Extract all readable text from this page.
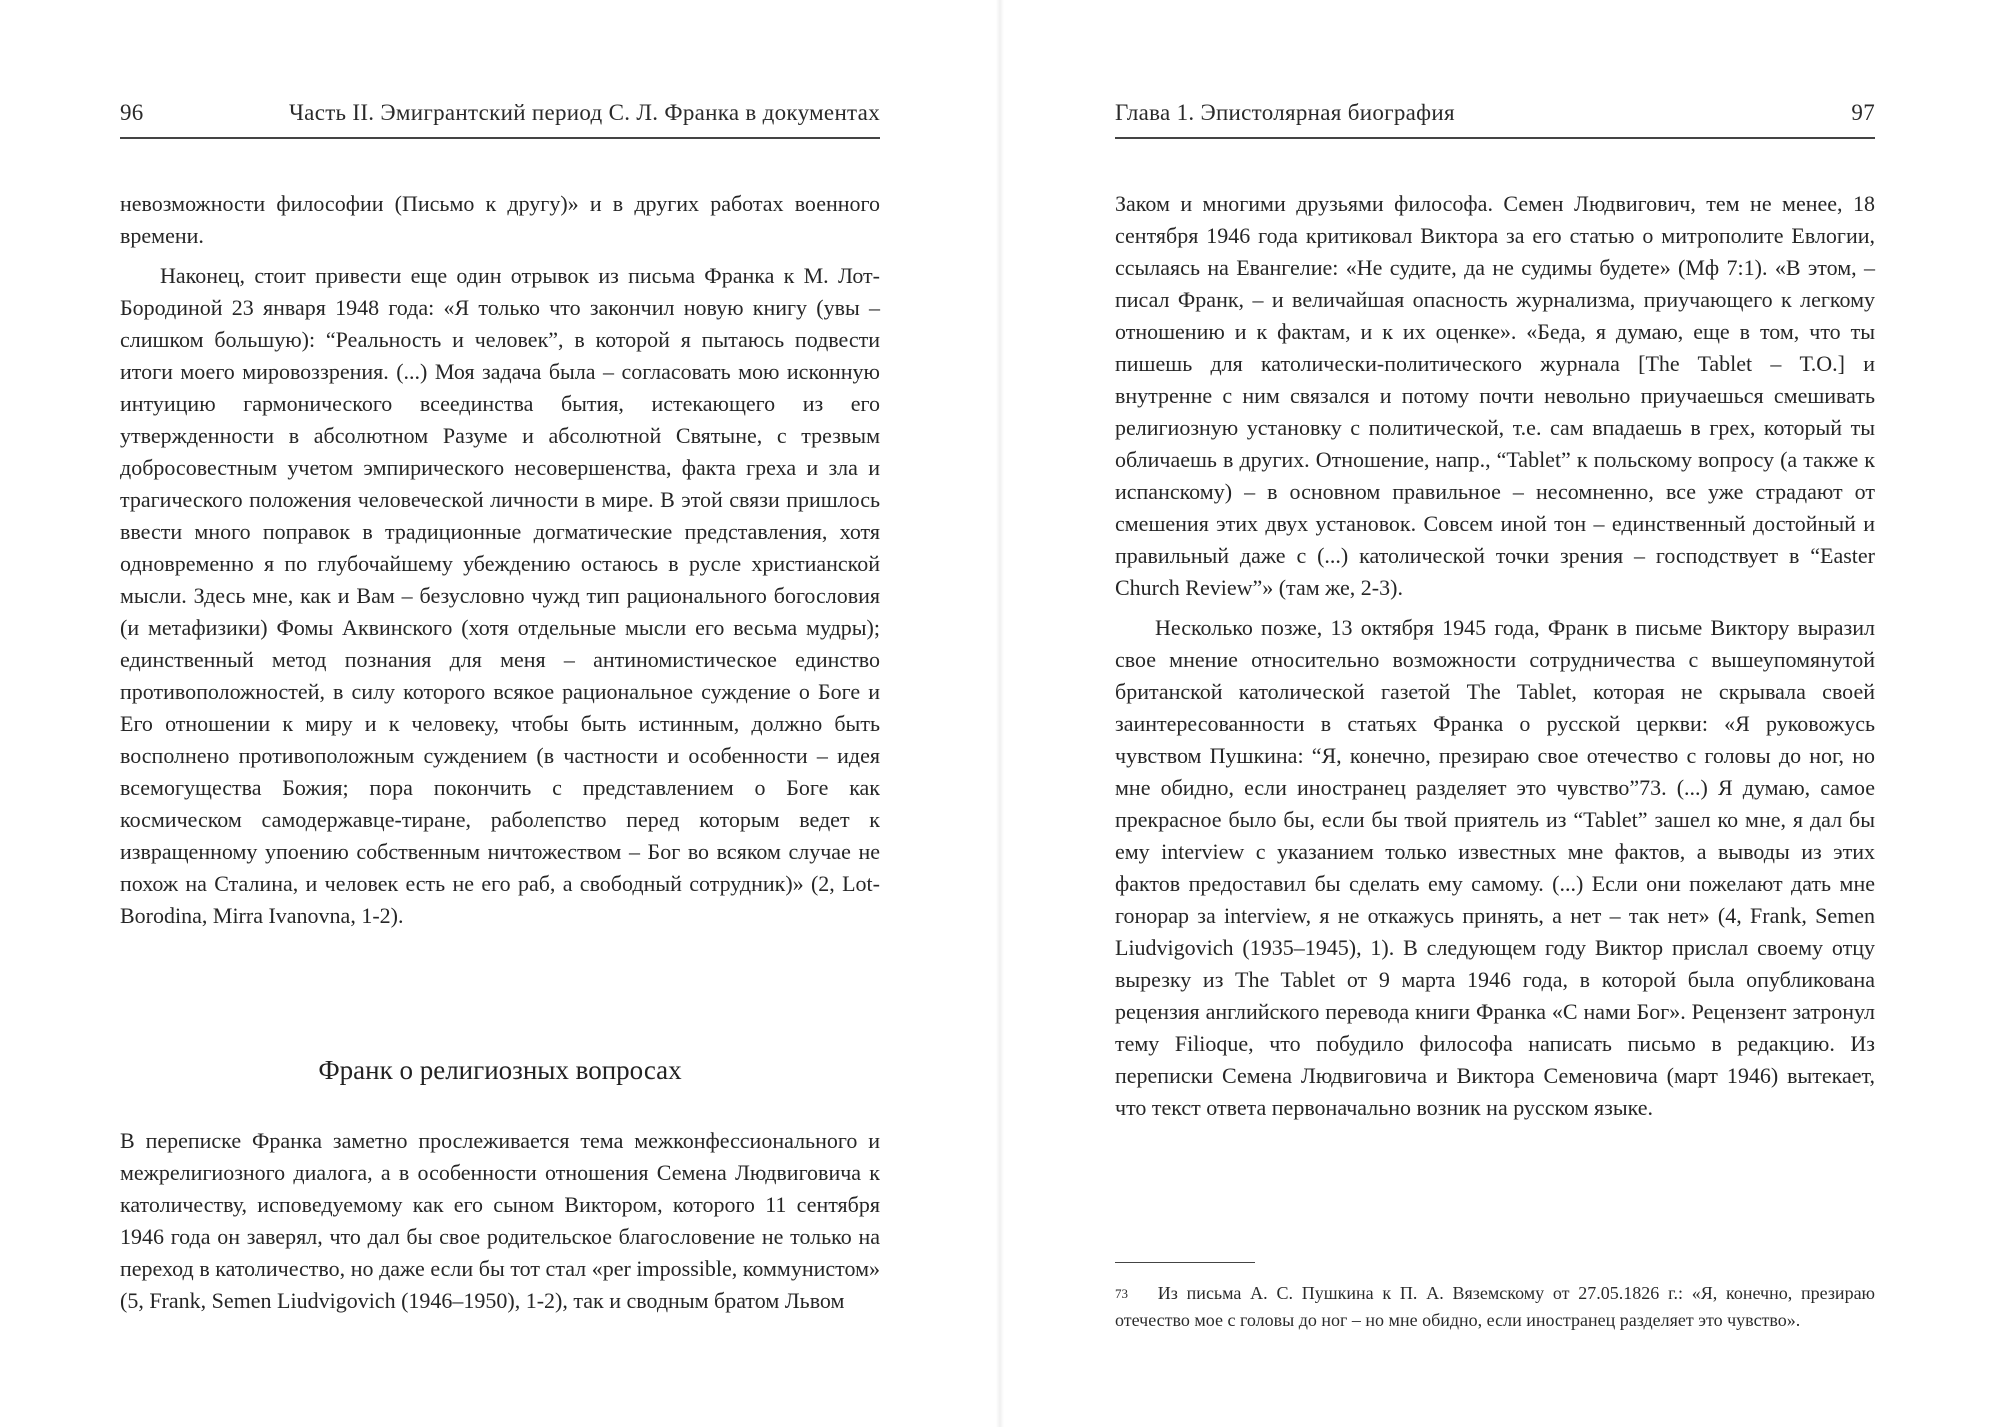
96	Часть II. Эмигрантский период С. Л. Франка в документах

невозможности философии (Письмо к другу)» и в других работах военного времени.

Наконец, стоит привести еще один отрывок из письма Франка к М. Лот-Бородиной 23 января 1948 года: «Я только что закончил новую книгу (увы – слишком большую): “Реальность и человек”, в которой я пытаюсь подвести итоги моего мировоззрения. (...) Моя задача была – согласовать мою исконную интуицию гармонического всеединства бытия, истекающего из его утвержденности в абсолютном Разуме и абсолютной Святыне, с трезвым добросовестным учетом эмпирического несовершенства, факта греха и зла и трагического положения человеческой личности в мире. В этой связи пришлось ввести много поправок в традиционные догматические представления, хотя одновременно я по глубочайшему убеждению остаюсь в русле христианской мысли. Здесь мне, как и Вам – безусловно чужд тип рационального богословия (и метафизики) Фомы Аквинского (хотя отдельные мысли его весьма мудры); единственный метод познания для меня – антиномистическое единство противоположностей, в силу которого всякое рациональное суждение о Боге и Его отношении к миру и к человеку, чтобы быть истинным, должно быть восполнено противоположным суждением (в частности и особенности – идея всемогущества Божия; пора покончить с представлением о Боге как космическом самодержавце-тиране, раболепство перед которым ведет к извращенному упоению собственным ничтожеством – Бог во всяком случае не похож на Сталина, и человек есть не его раб, а свободный сотрудник)» (2, Lot-Borodina, Mirra Ivanovna, 1-2).

Франк о религиозных вопросах

В переписке Франка заметно прослеживается тема межконфессионального и межрелигиозного диалога, а в особенности отношения Семена Людвиговича к католичеству, исповедуемому как его сыном Виктором, которого 11 сентября 1946 года он заверял, что дал бы свое родительское благословение не только на переход в католичество, но даже если бы тот стал «per impossible, коммунистом» (5, Frank, Semen Liudvigovich (1946–1950), 1-2), так и сводным братом Львом

Глава 1. Эпистолярная биография	97

Заком и многими друзьями философа. Семен Людвигович, тем не менее, 18 сентября 1946 года критиковал Виктора за его статью о митрополите Евлогии, ссылаясь на Евангелие: «Не судите, да не судимы будете» (Мф 7:1). «В этом, – писал Франк, – и величайшая опасность журнализма, приучающего к легкому отношению и к фактам, и к их оценке». «Беда, я думаю, еще в том, что ты пишешь для католически-политического журнала [The Tablet – Т.О.] и внутренне с ним связался и потому почти невольно приучаешься смешивать религиозную установку с политической, т.е. сам впадаешь в грех, который ты обличаешь в других. Отношение, напр., “Tablet” к польскому вопросу (а также к испанскому) – в основном правильное – несомненно, все уже страдают от смешения этих двух установок. Совсем иной тон – единственный достойный и правильный даже с (...) католической точки зрения – господствует в “Easter Church Review”» (там же, 2-3).

Несколько позже, 13 октября 1945 года, Франк в письме Виктору выразил свое мнение относительно возможности сотрудничества с вышеупомянутой британской католической газетой The Tablet, которая не скрывала своей заинтересованности в статьях Франка о русской церкви: «Я руковожусь чувством Пушкина: “Я, конечно, презираю свое отечество с головы до ног, но мне обидно, если иностранец разделяет это чувство”73. (...) Я думаю, самое прекрасное было бы, если бы твой приятель из “Tablet” зашел ко мне, я дал бы ему interview с указанием только известных мне фактов, а выводы из этих фактов предоставил бы сделать ему самому. (...) Если они пожелают дать мне гонорар за interview, я не откажусь принять, а нет – так нет» (4, Frank, Semen Liudvigovich (1935–1945), 1). В следующем году Виктор прислал своему отцу вырезку из The Tablet от 9 марта 1946 года, в которой была опубликована рецензия английского перевода книги Франка «С нами Бог». Рецензент затронул тему Filioque, что побудило философа написать письмо в редакцию. Из переписки Семена Людвиговича и Виктора Семеновича (март 1946) вытекает, что текст ответа первоначально возник на русском языке.

73 Из письма А. С. Пушкина к П. А. Вяземскому от 27.05.1826 г.: «Я, конечно, презираю отечество мое с головы до ног – но мне обидно, если иностранец разделяет это чувство».
